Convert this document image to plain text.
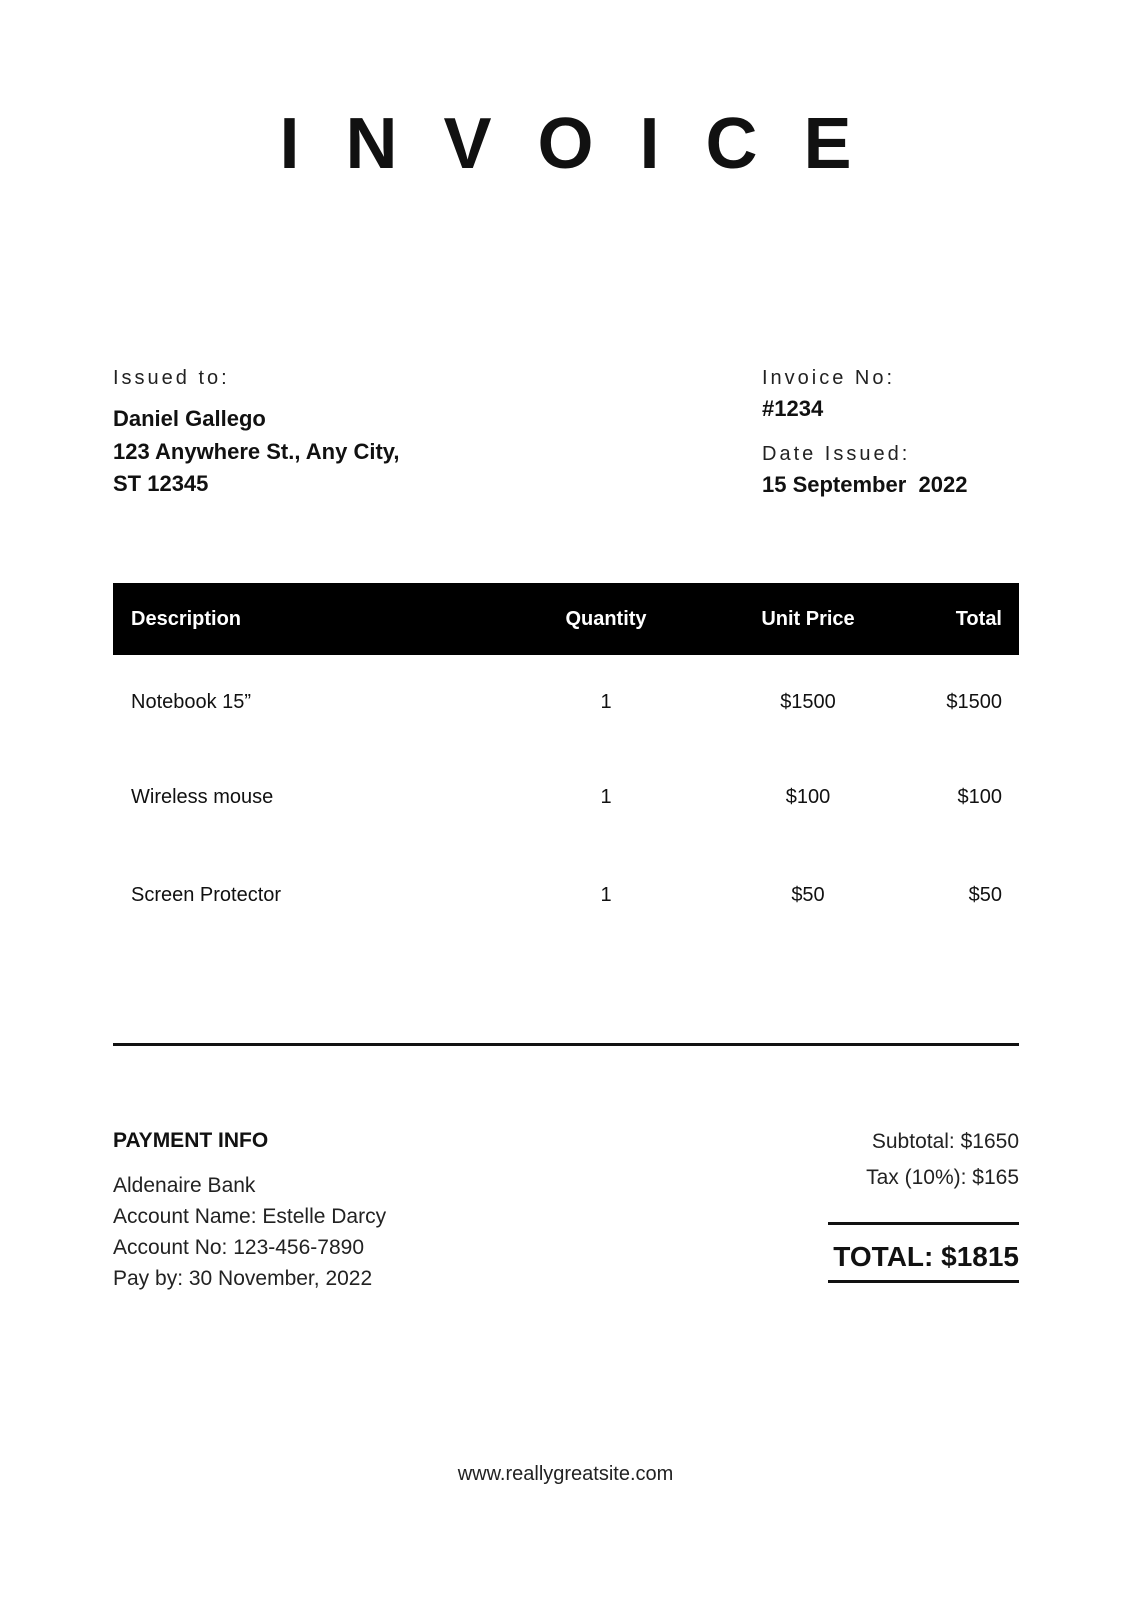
INVOICE
Issued to:
Daniel Gallego
123 Anywhere St., Any City,
ST 12345
Invoice No:
#1234
Date Issued:
15 September  2022
Description	Quantity	Unit Price	Total
Notebook 15”	1	$1500	$1500
Wireless mouse	1	$100	$100
Screen Protector	1	$50	$50
PAYMENT INFO
Aldenaire Bank
Account Name: Estelle Darcy
Account No: 123-456-7890
Pay by: 30 November, 2022
Subtotal: $1650
Tax (10%): $165
TOTAL: $1815
www.reallygreatsite.com
